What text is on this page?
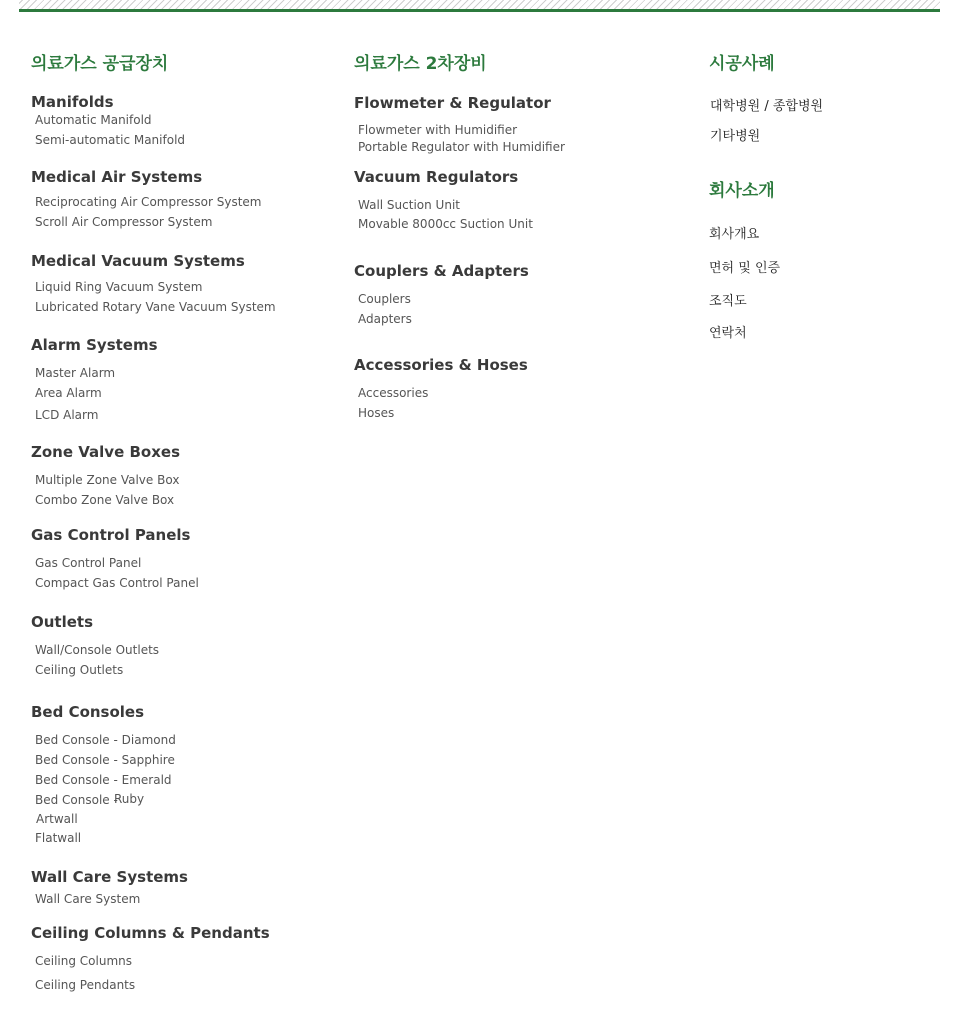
의료가스 공급장치
Manifolds
Automatic Manifold
Semi-automatic Manifold
Medical Air Systems
Reciprocating Air Compressor System
Scroll Air Compressor System
Medical Vacuum Systems
Liquid Ring Vacuum System
Lubricated Rotary Vane Vacuum System
Alarm Systems
Master Alarm
Area Alarm
LCD Alarm
Zone Valve Boxes
Multiple Zone Valve Box
Combo Zone Valve Box
Gas Control Panels
Gas Control Panel
Compact Gas Control Panel
Outlets
Wall/Console Outlets
Ceiling Outlets
Bed Consoles
Bed Console - Diamond
Bed Console - Sapphire
Bed Console - Emerald
Bed Console -
Ruby
Artwall
Flatwall
Wall Care Systems
Wall Care System
Ceiling Columns & Pendants
Ceiling Columns
Ceiling Pendants
의료가스 2차장비
Flowmeter & Regulator
Flowmeter with Humidifier
Portable Regulator with Humidifier
Vacuum Regulators
Wall Suction Unit
Movable 8000cc Suction Unit
Couplers & Adapters
Couplers
Adapters
Accessories & Hoses
Accessories
Hoses
시공사례
대학병원 / 종합병원
기타병원
회사소개
회사개요
면허 및 인증
조직도
연락처
